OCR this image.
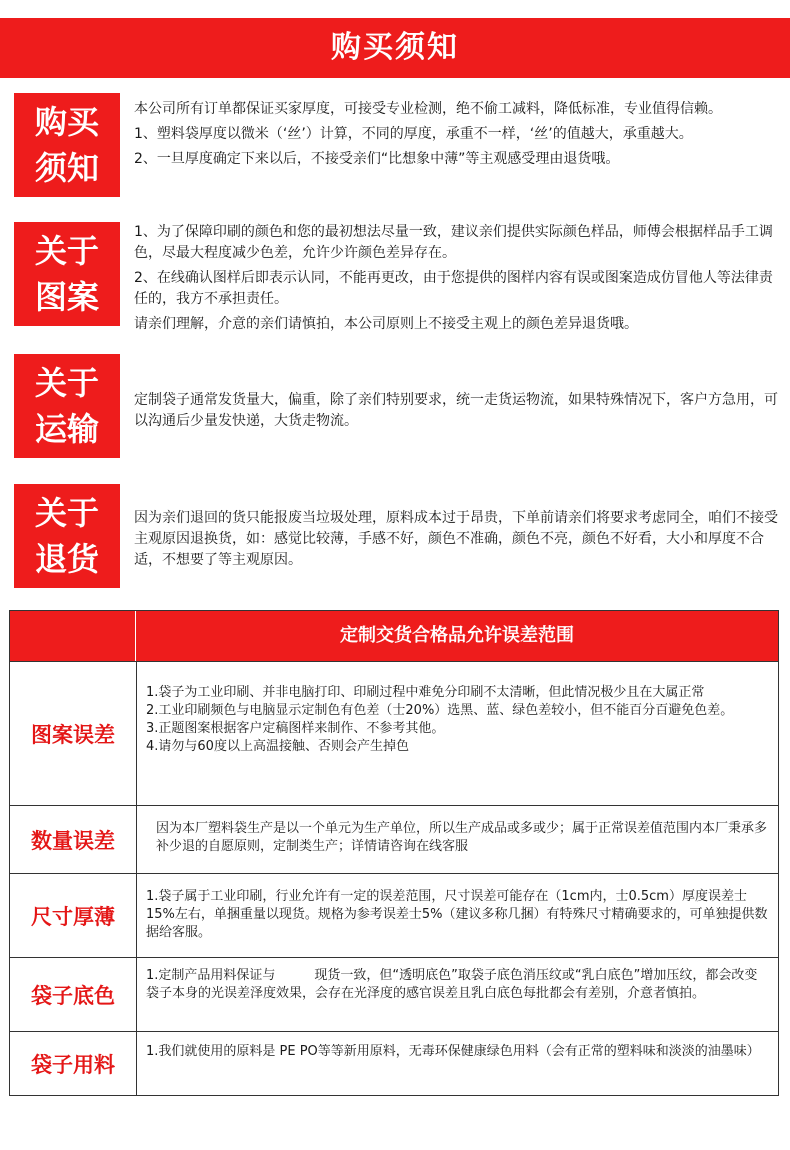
购买须知
购买
须知

本公司所有订单都保证买家厚度，可接受专业检测，绝不偷工减料，降低标准，专业值得信赖。

1、塑料袋厚度以微米（‘丝’）计算，不同的厚度，承重不一样，‘丝’的值越大，承重越大。

2、一旦厚度确定下来以后，不接受亲们“比想象中薄”等主观感受理由退货哦。

关于
图案

1、为了保障印刷的颜色和您的最初想法尽量一致，建议亲们提供实际颜色样品，师傅会根据样品手工调色，尽最大程度减少色差，允许少许颜色差异存在。

2、在线确认图样后即表示认同，不能再更改，由于您提供的图样内容有误或图案造成仿冒他人等法律责任的，我方不承担责任。

请亲们理解，介意的亲们请慎拍，本公司原则上不接受主观上的颜色差异退货哦。

关于
运输

定制袋子通常发货量大，偏重，除了亲们特别要求，统一走货运物流，如果特殊情况下，客户方急用，可以沟通后少量发快递，大货走物流。

关于
退货

因为亲们退回的货只能报废当垃圾处理，原料成本过于昂贵，下单前请亲们将要求考虑同全，咱们不接受主观原因退换货，如：感觉比较薄，手感不好，颜色不准确，颜色不亮，颜色不好看，大小和厚度不合适，不想要了等主观原因。

定制交货合格品允许误差范围
图案误差

1.袋子为工业印刷、并非电脑打印、印刷过程中难免分印刷不太清晰，但此情况极少且在大属正常

2.工业印刷频色与电脑显示定制色有色差（士20%）选黑、蓝、绿色差较小，但不能百分百避免色差。

3.正题图案根据客户定稿图样来制作、不参考其他。

4.请勿与60度以上高温接触、否则会产生掉色

数量误差	因为本厂塑料袋生产是以一个单元为生产单位，所以生产成品或多或少；属于正常误差值范围内本厂秉承多补少退的自愿原则，定制类生产；详情请咨询在线客服

尺寸厚薄

1.袋子属于工业印刷，行业允许有一定的误差范围，尺寸误差可能存在（1cm内，士0.5cm）厚度误差士15%左右，单捆重量以现货。规格为参考误差士5%（建议多称几捆）有特殊尺寸精确要求的，可单独提供数据给客服。

袋子底色

1.定制产品用料保证与　　　现货一致，但“透明底色”取袋子底色消压纹或“乳白底色”增加压纹，都会改变袋子本身的光误差泽度效果，会存在光泽度的感官误差且乳白底色每批都会有差别，介意者慎拍。

袋子用料

1.我们就使用的原料是 PE PO等等新用原料，无毒环保健康绿色用料（会有正常的塑料味和淡淡的油墨味）
